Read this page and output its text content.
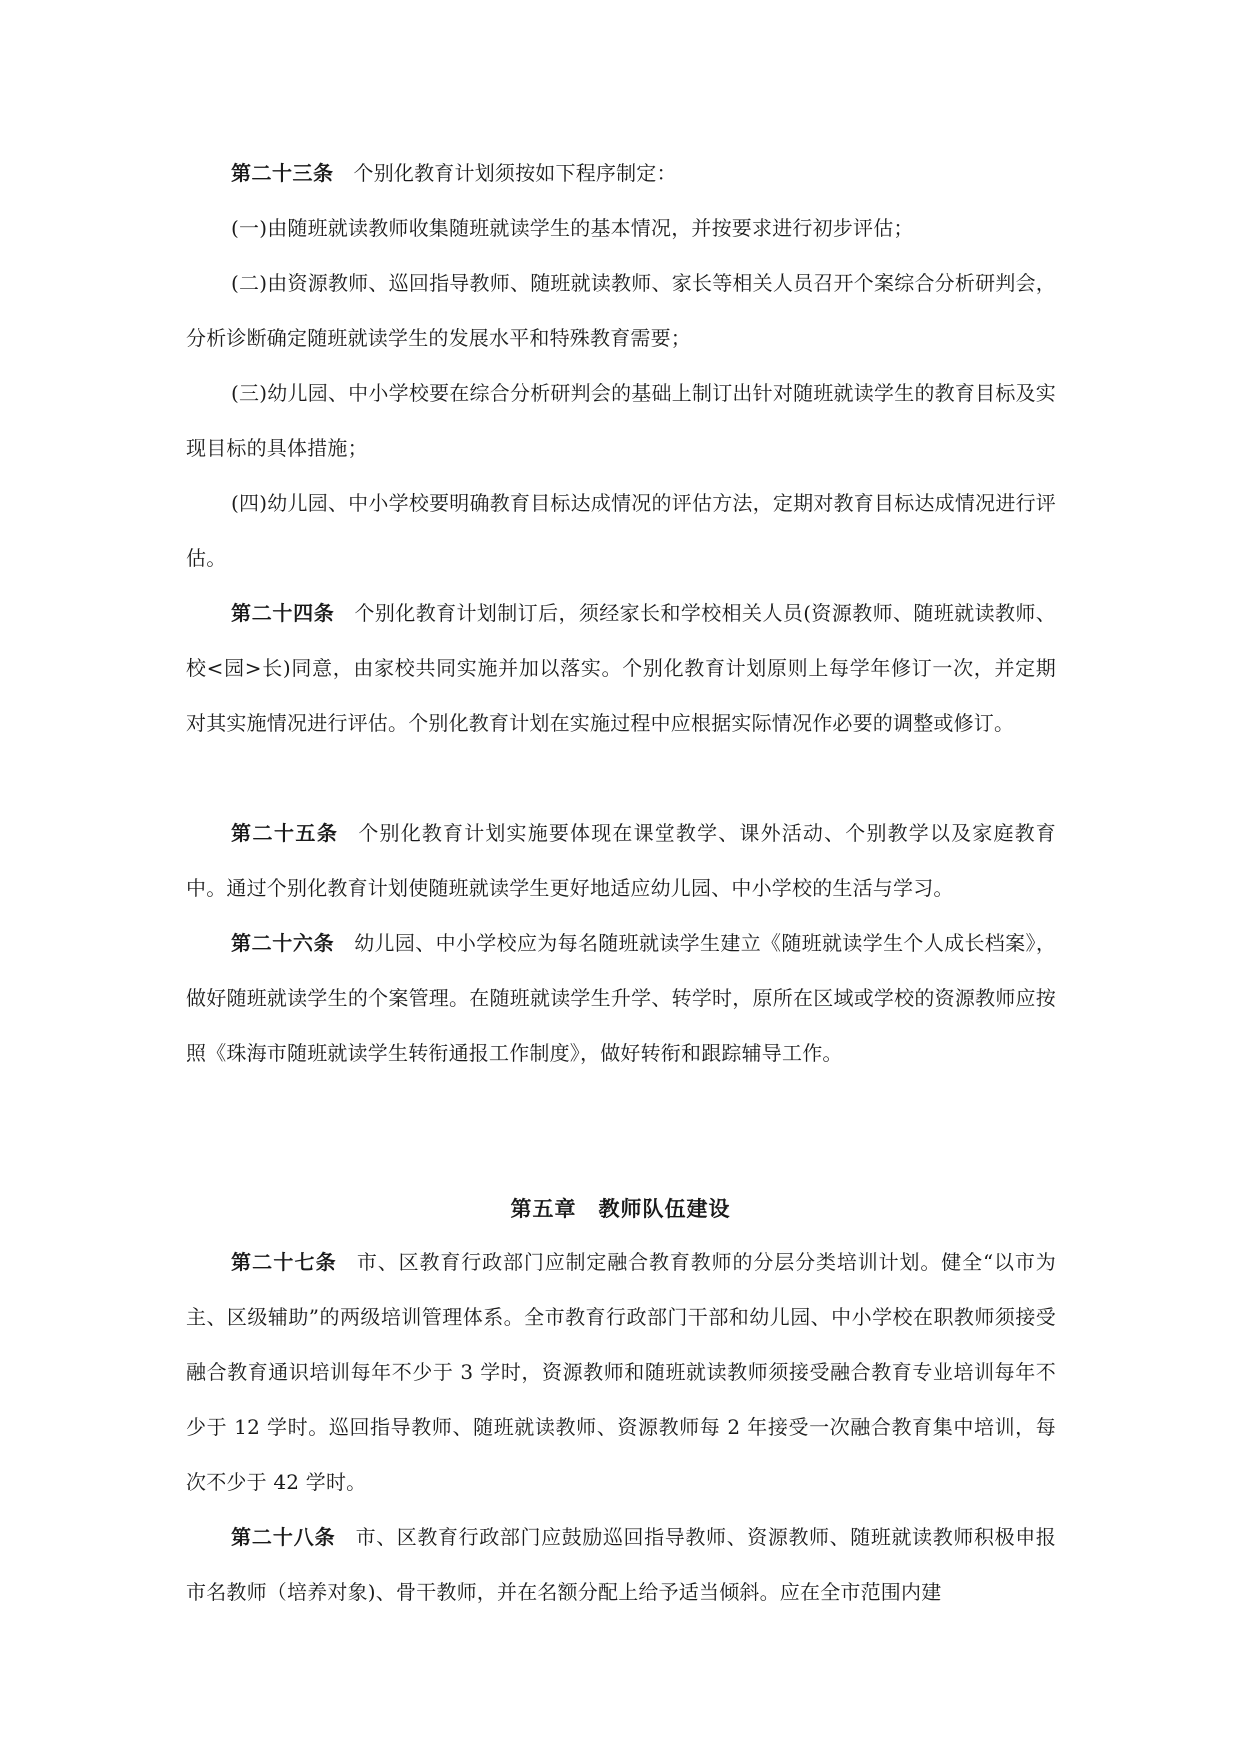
第二十三条 个别化教育计划须按如下程序制定：

(一)由随班就读教师收集随班就读学生的基本情况，并按要求进行初步评估；

(二)由资源教师、巡回指导教师、随班就读教师、家长等相关人员召开个案综合分析研判会，分析诊断确定随班就读学生的发展水平和特殊教育需要；

(三)幼儿园、中小学校要在综合分析研判会的基础上制订出针对随班就读学生的教育目标及实现目标的具体措施；

(四)幼儿园、中小学校要明确教育目标达成情况的评估方法，定期对教育目标达成情况进行评估。

第二十四条 个别化教育计划制订后，须经家长和学校相关人员(资源教师、随班就读教师、校<园>长)同意，由家校共同实施并加以落实。个别化教育计划原则上每学年修订一次，并定期对其实施情况进行评估。个别化教育计划在实施过程中应根据实际情况作必要的调整或修订。

第二十五条 个别化教育计划实施要体现在课堂教学、课外活动、个别教学以及家庭教育中。通过个别化教育计划使随班就读学生更好地适应幼儿园、中小学校的生活与学习。

第二十六条 幼儿园、中小学校应为每名随班就读学生建立《随班就读学生个人成长档案》，做好随班就读学生的个案管理。在随班就读学生升学、转学时，原所在区域或学校的资源教师应按照《珠海市随班就读学生转衔通报工作制度》，做好转衔和跟踪辅导工作。

第五章　教师队伍建设

第二十七条 市、区教育行政部门应制定融合教育教师的分层分类培训计划。健全“以市为主、区级辅助”的两级培训管理体系。全市教育行政部门干部和幼儿园、中小学校在职教师须接受融合教育通识培训每年不少于 3 学时，资源教师和随班就读教师须接受融合教育专业培训每年不少于 12 学时。巡回指导教师、随班就读教师、资源教师每 2 年接受一次融合教育集中培训，每次不少于 42 学时。

第二十八条 市、区教育行政部门应鼓励巡回指导教师、资源教师、随班就读教师积极申报市名教师（培养对象)、骨干教师，并在名额分配上给予适当倾斜。应在全市范围内建
